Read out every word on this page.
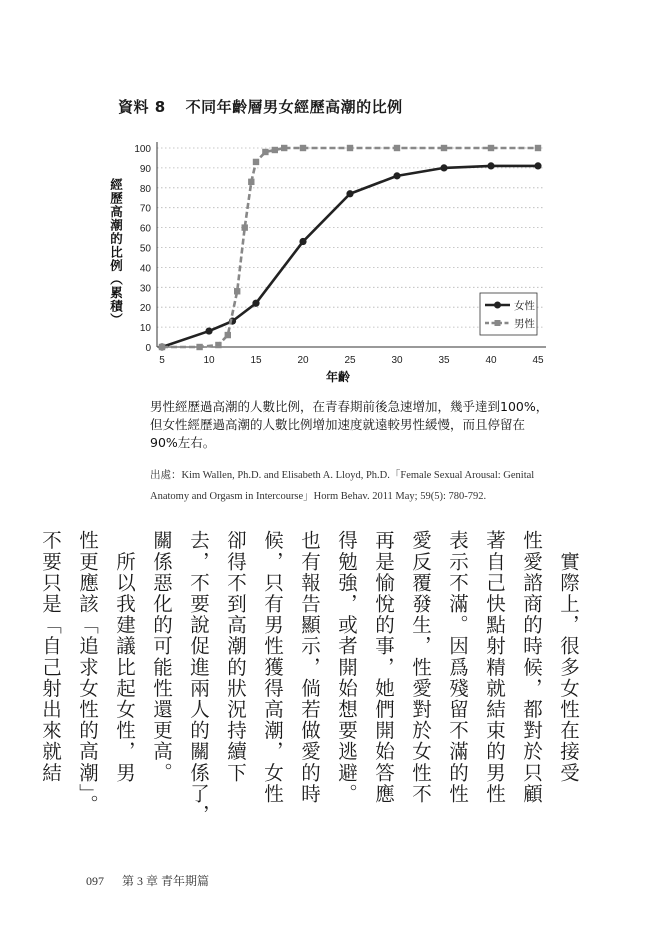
資料 8 不同年齡層男女經歷高潮的比例
0
10
20
30
40
50
60
70
80
90
100
5	10	15	20	25	30	35	40	45
年齡
經歷高潮的比例（累積）	女性
男性
男性經歷過高潮的人數比例，在青春期前後急速增加，幾乎達到100%，但女性經歷過高潮的人數比例增加速度就遠較男性緩慢，而且停留在90%左右。
出處：Kim Wallen, Ph.D. and Elisabeth A. Lloyd, Ph.D.「Female Sexual Arousal: Genital Anatomy and Orgasm in Intercourse」Horm Behav. 2011 May; 59(5): 780-792.
　實際上，很多女性在接受
性愛諮商的時候，都對於只顧
著自己快點射精就結束的男性
表示不滿。因爲殘留不滿的性
愛反覆發生，性愛對於女性不
再是愉悅的事，她們開始答應
得勉強，或者開始想要逃避。
也有報告顯示，倘若做愛的時
候，只有男性獲得高潮，女性
卻得不到高潮的狀況持續下
去，不要說促進兩人的關係了，
關係惡化的可能性還更高。
　所以我建議比起女性，男
性更應該「追求女性的高潮」。
不要只是「自己射出來就結
097 第 3 章 青年期篇
